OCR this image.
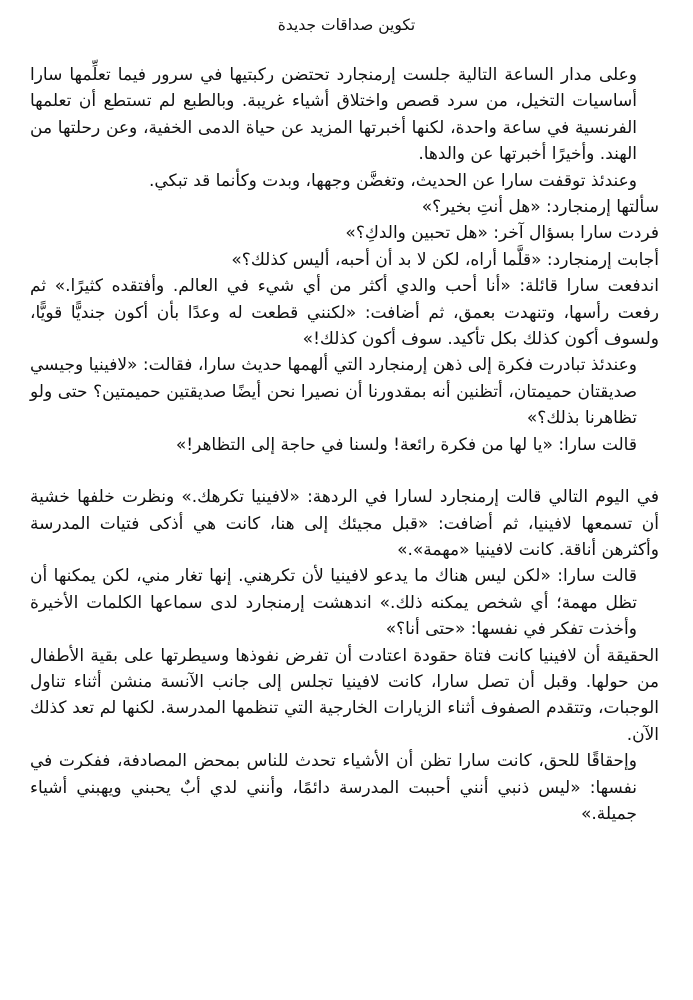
تكوين صداقات جديدة

وعلى مدار الساعة التالية جلست إرمنجارد تحتضن ركبتيها في سرور فيما تعلِّمها سارا أساسيات التخيل، من سرد قصص واختلاق أشياء غريبة. وبالطبع لم تستطع أن تعلمها الفرنسية في ساعة واحدة، لكنها أخبرتها المزيد عن حياة الدمى الخفية، وعن رحلتها من الهند. وأخيرًا أخبرتها عن والدها.

وعندئذ توقفت سارا عن الحديث، وتغضَّن وجهها، وبدت وكأنما قد تبكي.

سألتها إرمنجارد: «هل أنتِ بخير؟»

فردت سارا بسؤال آخر: «هل تحبين والدكِ؟»

أجابت إرمنجارد: «قلَّما أراه، لكن لا بد أن أحبه، أليس كذلك؟»

اندفعت سارا قائلة: «أنا أحب والدي أكثر من أي شيء في العالم. وأفتقده كثيرًا.» ثم رفعت رأسها، وتنهدت بعمق، ثم أضافت: «لكنني قطعت له وعدًا بأن أكون جنديًّا قويًّا، ولسوف أكون كذلك بكل تأكيد. سوف أكون كذلك!»

وعندئذ تبادرت فكرة إلى ذهن إرمنجارد التي ألهمها حديث سارا، فقالت: «لافينيا وجيسي صديقتان حميمتان، أتظنين أنه بمقدورنا أن نصيرا نحن أيضًا صديقتين حميمتين؟ حتى ولو تظاهرنا بذلك؟»

قالت سارا: «يا لها من فكرة رائعة! ولسنا في حاجة إلى التظاهر!»

في اليوم التالي قالت إرمنجارد لسارا في الردهة: «لافينيا تكرهك.» ونظرت خلفها خشية أن تسمعها لافينيا، ثم أضافت: «قبل مجيئك إلى هنا، كانت هي أذكى فتيات المدرسة وأكثرهن أناقة. كانت لافينيا «مهمة».»

قالت سارا: «لكن ليس هناك ما يدعو لافينيا لأن تكرهني. إنها تغار مني، لكن يمكنها أن تظل مهمة؛ أي شخص يمكنه ذلك.» اندهشت إرمنجارد لدى سماعها الكلمات الأخيرة وأخذت تفكر في نفسها: «حتى أنا؟»

الحقيقة أن لافينيا كانت فتاة حقودة اعتادت أن تفرض نفوذها وسيطرتها على بقية الأطفال من حولها. وقبل أن تصل سارا، كانت لافينيا تجلس إلى جانب الآنسة منشن أثناء تناول الوجبات، وتتقدم الصفوف أثناء الزيارات الخارجية التي تنظمها المدرسة. لكنها لم تعد كذلك الآن.

وإحقاقًا للحق، كانت سارا تظن أن الأشياء تحدث للناس بمحض المصادفة، ففكرت في نفسها: «ليس ذنبي أنني أحببت المدرسة دائمًا، وأنني لدي أبٌ يحبني ويهبني أشياء جميلة.»
